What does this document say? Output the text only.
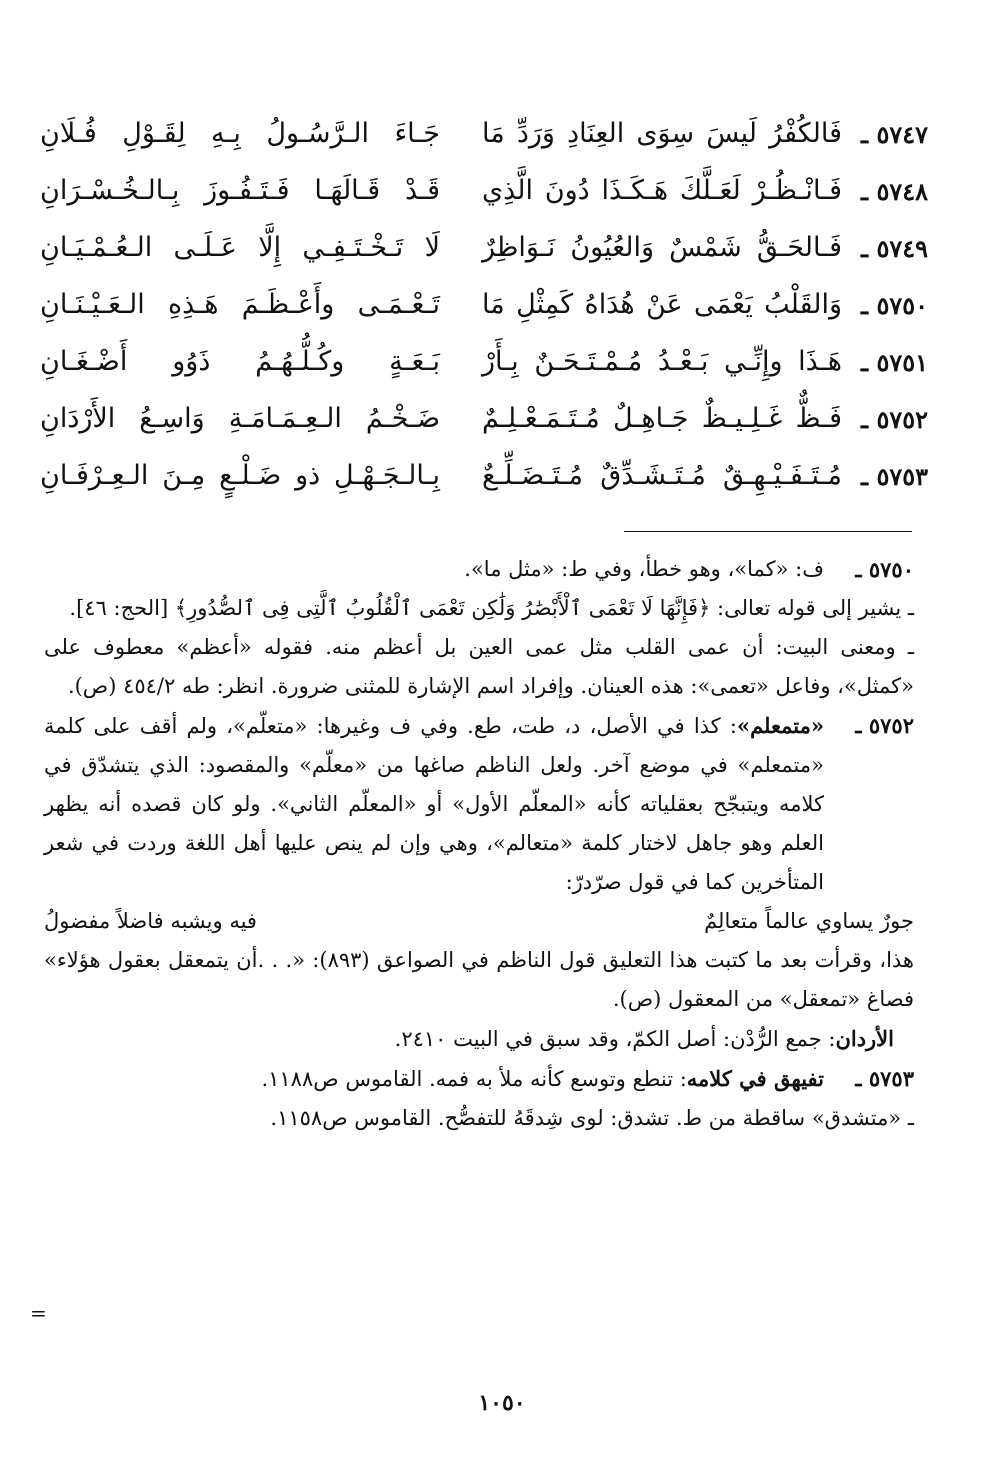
٥٧٤٧ ـ
فَالكُفْرُ لَيسَ سِوَى العِنَادِ وَرَدِّ مَا
جَـاءَ الـرَّسُـولُ بِـهِ لِقَـوْلِ فُـلَانِ
٥٧٤٨ ـ
فَـانْـظُـرْ لَعَـلَّكَ هَـكَـذَا دُونَ الَّذِي
قَـدْ قَـالَهَـا فَـتَـفُـوزَ بِـالـخُـسْـرَانِ
٥٧٤٩ ـ
فَـالحَـقُّ شَمْسٌ وَالعُيُونُ نَـوَاظِرٌ
لَا تَـخْـتَـفِـي إِلَّا عَـلَـى الـعُـمْـيَـانِ
٥٧٥٠ ـ
وَالقَلْبُ يَعْمَى عَنْ هُدَاهُ كَمِثْلِ مَا
تَـعْـمَـى وأَعْـظَـمَ هَـذِهِ الـعَـيْـنَـانِ
٥٧٥١ ـ
هَـذَا وإِنِّـي بَـعْـدُ مُـمْـتَـحَـنٌ بِـأَرْ
بَـعَـةٍ وكُـلُّـهُـمُ ذَوُو أَضْـغَـانِ
٥٧٥٢ ـ
فَـظٌّ غَـلِـيـظٌ جَـاهِـلٌ مُـتَـمَـعْـلِـمٌ
ضَـخْـمُ الـعِـمَـامَـةِ وَاسِـعُ الأَرْدَانِ
٥٧٥٣ ـ
مُـتَـفَـيْـهِـقٌ مُـتَـشَـدِّقٌ مُـتَـضَـلِّـعٌ
بِـالـجَـهْـلِ ذو ضَـلْـعٍ مِـنَ الـعِـرْفَـانِ
٥٧٥٠ ـ

ف: «كما»، وهو خطأ، وفي ط: «مثل ما».

ـ يشير إلى قوله تعالى: ﴿فَإِنَّهَا لَا تَعْمَى ٱلْأَبْصَٰرُ وَلَٰكِن تَعْمَى ٱلْقُلُوبُ ٱلَّتِى فِى ٱلصُّدُورِ﴾ [الحج: ٤٦].

ـ ومعنى البيت: أن عمى القلب مثل عمى العين بل أعظم منه. فقوله «أعظم» معطوف على «كمثل»، وفاعل «تعمى»: هذه العينان. وإفراد اسم الإشارة للمثنى ضرورة. انظر: طه ٤٥٤/٢ (ص).

٥٧٥٢ ـ

«متمعلم»: كذا في الأصل، د، طت، طع. وفي ف وغيرها: «متعلّم»، ولم أقف على كلمة «متمعلم» في موضع آخر. ولعل الناظم صاغها من «معلّم» والمقصود: الذي يتشدّق في كلامه ويتبجّح بعقلياته كأنه «المعلّم الأول» أو «المعلّم الثاني». ولو كان قصده أنه يظهر العلم وهو جاهل لاختار كلمة «متعالم»، وهي وإن لم ينص عليها أهل اللغة وردت في شعر المتأخرين كما في قول صرّدرّ:

جورٌ يساوي عالماً متعالِمٌ
فيه ويشبه فاضلاً مفضولُ

هذا، وقرأت بعد ما كتبت هذا التعليق قول الناظم في الصواعق (٨٩٣): «. . .أن يتمعقل بعقول هؤلاء» فصاغ «تمعقل» من المعقول (ص).

الأردان: جمع الرُّدْن: أصل الكمّ، وقد سبق في البيت ٢٤١٠.

٥٧٥٣ ـ

تفيهق في كلامه: تنطع وتوسع كأنه ملأ به فمه. القاموس ص١١٨٨.

ـ «متشدق» ساقطة من ط. تشدق: لوى شِدقَهُ للتفصُّح. القاموس ص١١٥٨.

=
١٠٥٠
